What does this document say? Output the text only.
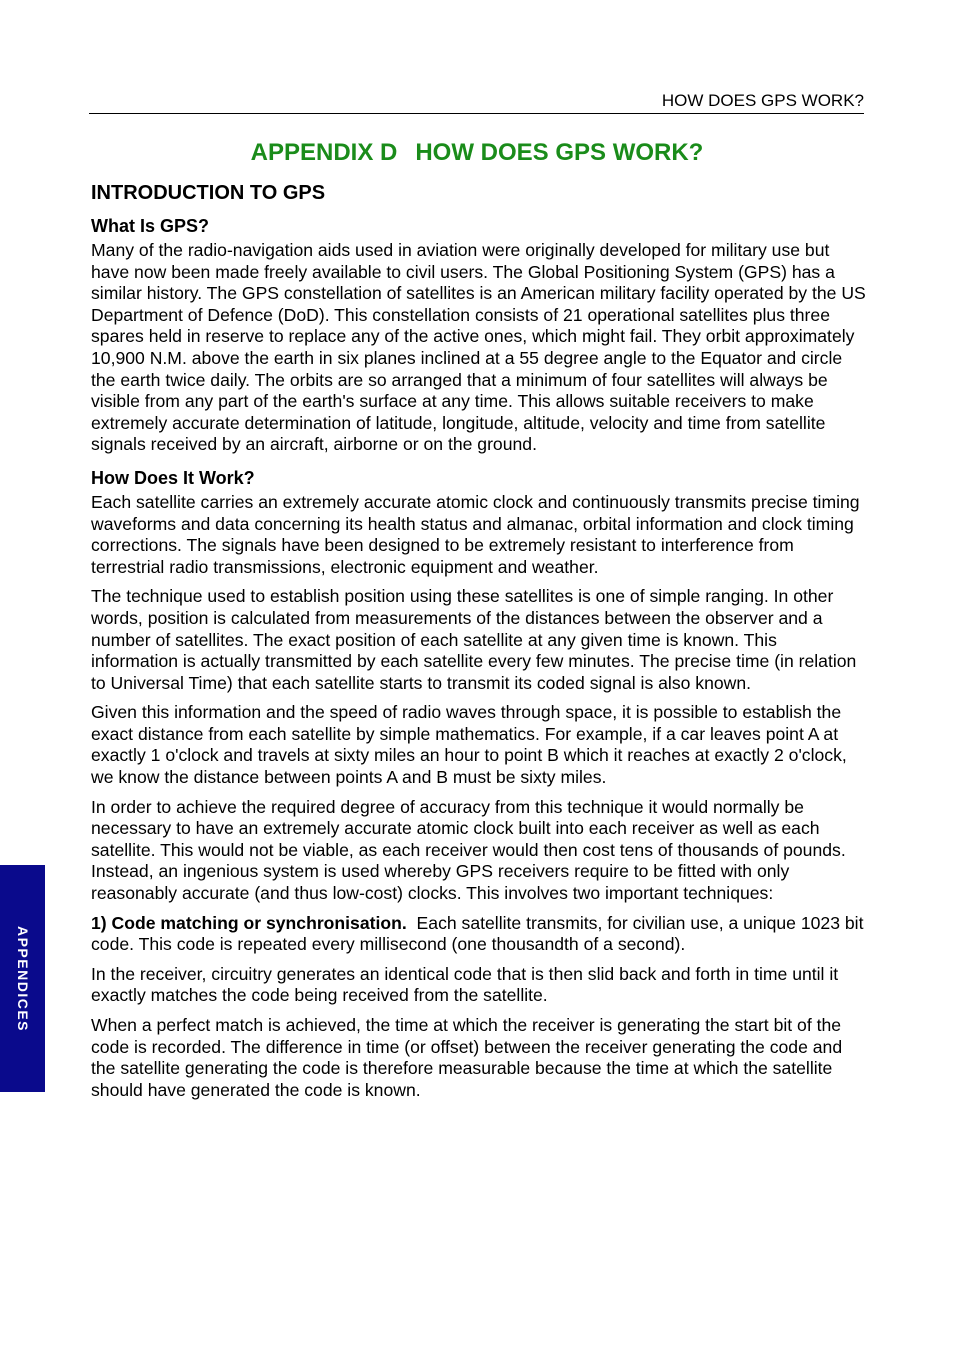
HOW DOES GPS WORK?
APPENDIX D HOW DOES GPS WORK?
INTRODUCTION TO GPS
What Is GPS?

Many of the radio-navigation aids used in aviation were originally developed for military use but have now been made freely available to civil users. The Global Positioning System (GPS) has a similar history. The GPS constellation of satellites is an American military facility operated by the US Department of Defence (DoD). This constellation consists of 21 operational satellites plus three spares held in reserve to replace any of the active ones, which might fail. They orbit approximately 10,900 N.M. above the earth in six planes inclined at a 55 degree angle to the Equator and circle the earth twice daily. The orbits are so arranged that a minimum of four satellites will always be visible from any part of the earth's surface at any time. This allows suitable receivers to make extremely accurate determination of latitude, longitude, altitude, velocity and time from satellite signals received by an aircraft, airborne or on the ground.

How Does It Work?

Each satellite carries an extremely accurate atomic clock and continuously transmits precise timing waveforms and data concerning its health status and almanac, orbital information and clock timing corrections. The signals have been designed to be extremely resistant to interference from terrestrial radio transmissions, electronic equipment and weather.

The technique used to establish position using these satellites is one of simple ranging. In other words, position is calculated from measurements of the distances between the observer and a number of satellites. The exact position of each satellite at any given time is known. This information is actually transmitted by each satellite every few minutes. The precise time (in relation to Universal Time) that each satellite starts to transmit its coded signal is also known.

Given this information and the speed of radio waves through space, it is possible to establish the exact distance from each satellite by simple mathematics. For example, if a car leaves point A at exactly 1 o'clock and travels at sixty miles an hour to point B which it reaches at exactly 2 o'clock, we know the distance between points A and B must be sixty miles.

In order to achieve the required degree of accuracy from this technique it would normally be necessary to have an extremely accurate atomic clock built into each receiver as well as each satellite. This would not be viable, as each receiver would then cost tens of thousands of pounds. Instead, an ingenious system is used whereby GPS receivers require to be fitted with only reasonably accurate (and thus low-cost) clocks. This involves two important techniques:

1) Code matching or synchronisation. Each satellite transmits, for civilian use, a unique 1023 bit code. This code is repeated every millisecond (one thousandth of a second).

In the receiver, circuitry generates an identical code that is then slid back and forth in time until it exactly matches the code being received from the satellite.

When a perfect match is achieved, the time at which the receiver is generating the start bit of the code is recorded. The difference in time (or offset) between the receiver generating the code and the satellite generating the code is therefore measurable because the time at which the satellite should have generated the code is known.

APPENDICES
